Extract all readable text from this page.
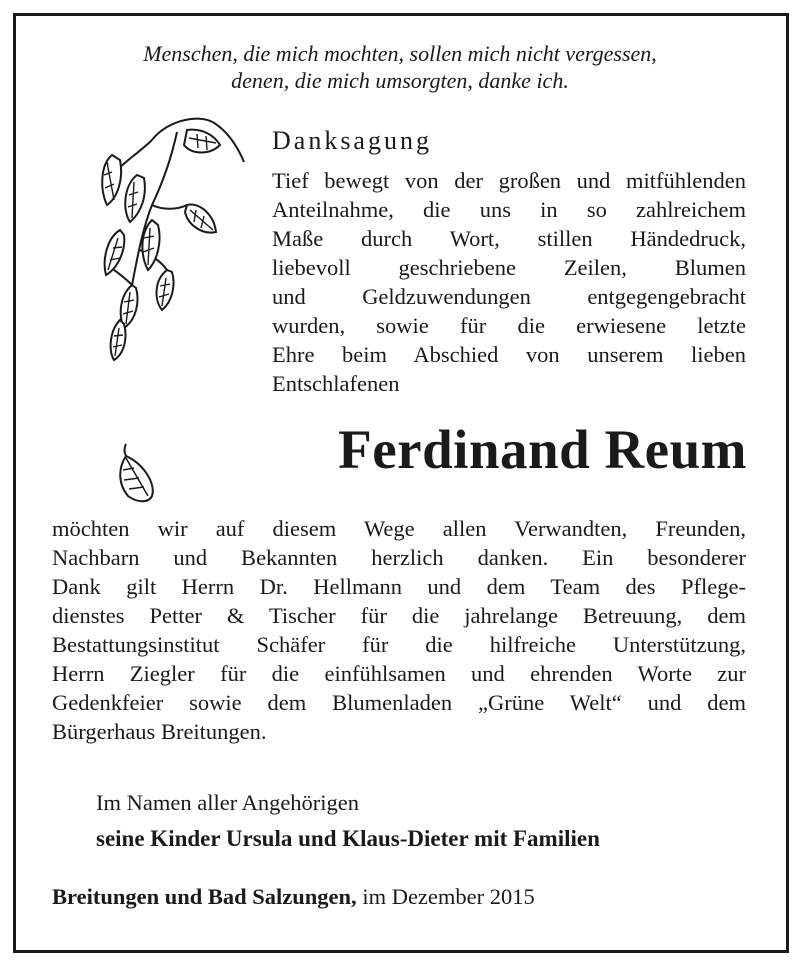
Menschen, die mich mochten, sollen mich nicht vergessen,
denen, die mich umsorgten, danke ich.
Danksagung
Tief bewegt von der großen und mitfühlenden
Anteilnahme, die uns in so zahlreichem
Maße durch Wort, stillen Händedruck,
liebevoll geschriebene Zeilen, Blumen
und Geldzuwendungen entgegengebracht
wurden, sowie für die erwiesene letzte
Ehre beim Abschied von unserem lieben
Entschlafenen
Ferdinand Reum
möchten wir auf diesem Wege allen Verwandten, Freunden,
Nachbarn und Bekannten herzlich danken. Ein besonderer
Dank gilt Herrn Dr. Hellmann und dem Team des Pflege-
dienstes Petter & Tischer für die jahrelange Betreuung, dem
Bestattungsinstitut Schäfer für die hilfreiche Unterstützung,
Herrn Ziegler für die einfühlsamen und ehrenden Worte zur
Gedenkfeier sowie dem Blumenladen „Grüne Welt“ und dem
Bürgerhaus Breitungen.
Im Namen aller Angehörigen
seine Kinder Ursula und Klaus-Dieter mit Familien
Breitungen und Bad Salzungen, im Dezember 2015
